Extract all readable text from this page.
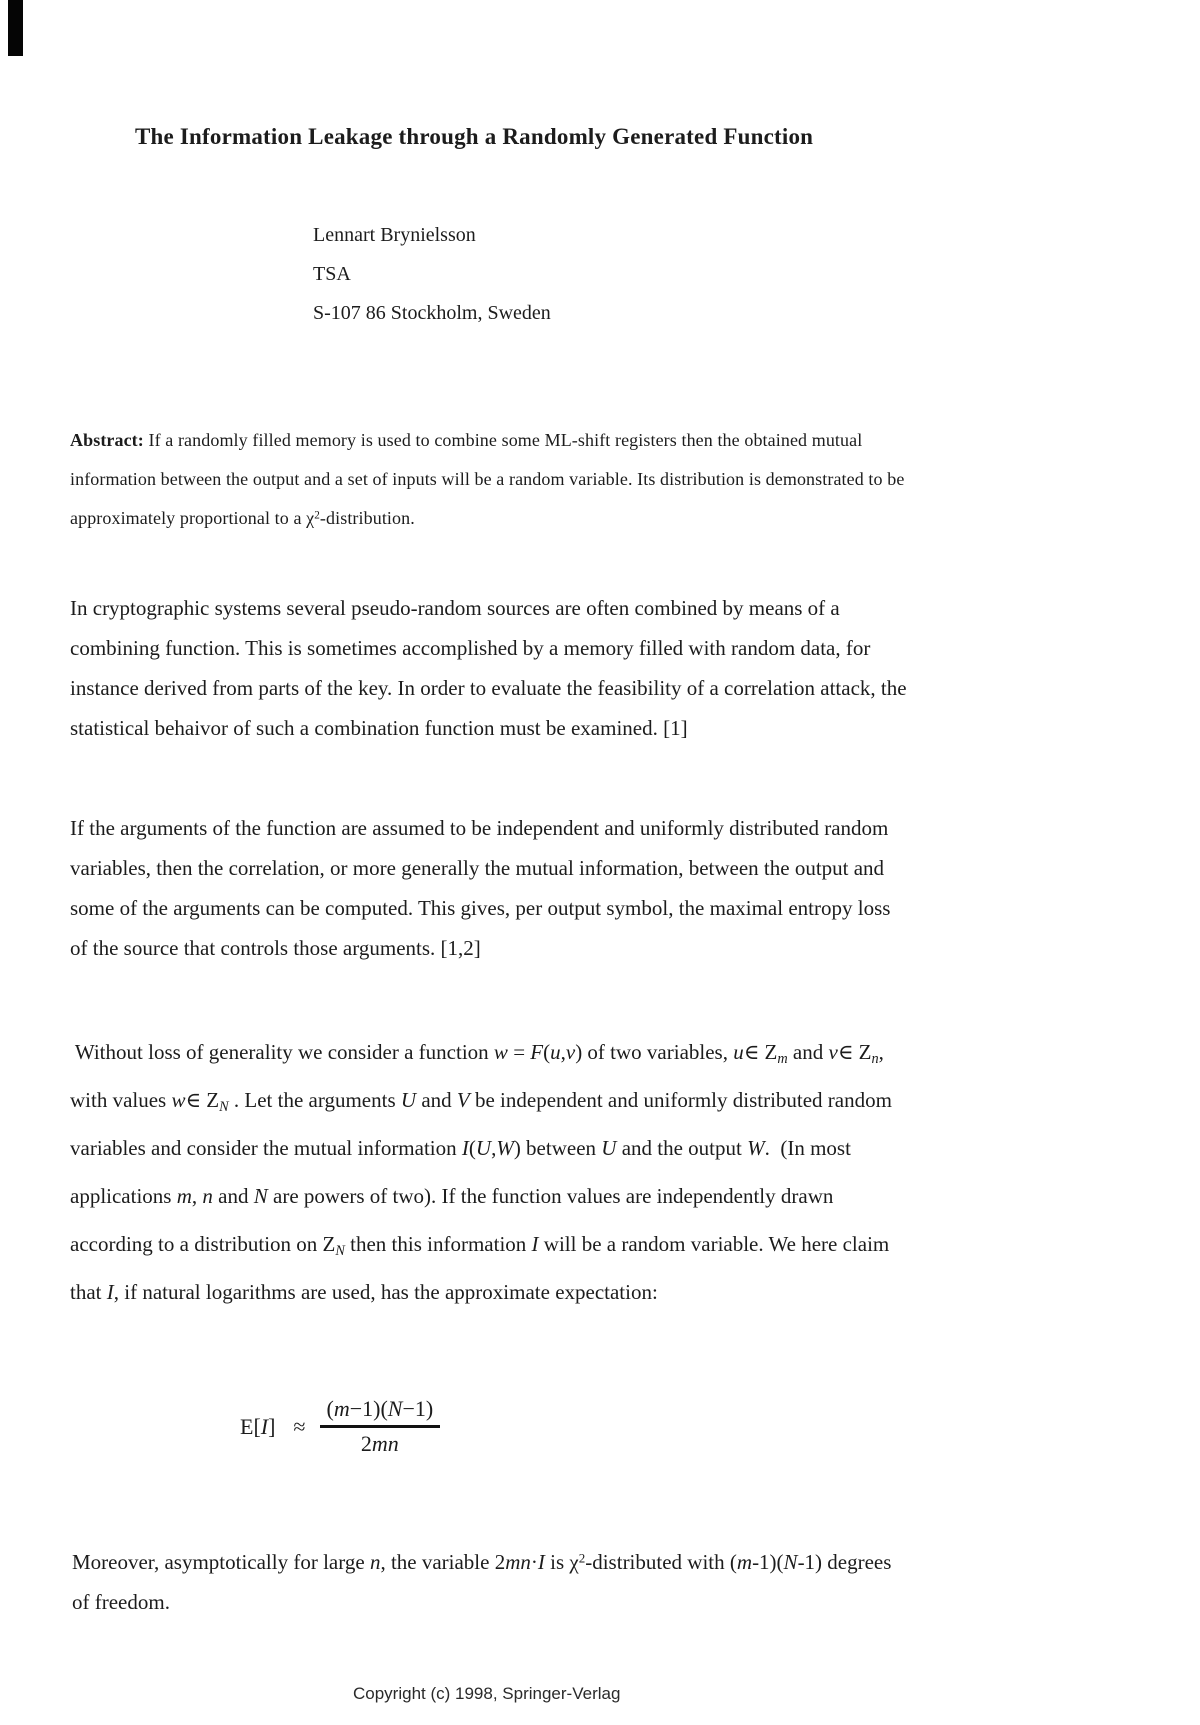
The Information Leakage through a Randomly Generated Function
Lennart Brynielsson
TSA
S-107 86 Stockholm, Sweden
Abstract: If a randomly filled memory is used to combine some ML-shift registers then the obtained mutual
information between the output and a set of inputs will be a random variable. Its distribution is demonstrated to be
approximately proportional to a $\chi^2$-distribution.
In cryptographic systems several pseudo-random sources are often combined by means of a
combining function. This is sometimes accomplished by a memory filled with random data, for
instance derived from parts of the key. In order to evaluate the feasibility of a correlation attack, the
statistical behaivor of such a combination function must be examined. [1]
If the arguments of the function are assumed to be independent and uniformly distributed random
variables, then the correlation, or more generally the mutual information, between the output and
some of the arguments can be computed. This gives, per output symbol, the maximal entropy loss
of the source that controls those arguments. [1,2]
Without loss of generality we consider a function w = F(u,v) of two variables, u∈ $Z_m$ and v∈ $Z_n$,
with values w∈ $Z_N$ . Let the arguments U and V be independent and uniformly distributed random
variables and consider the mutual information I(U,W) between U and the output W.  (In most
applications m, n and N are powers of two). If the function values are independently drawn
according to a distribution on $Z_N$ then this information I will be a random variable. We here claim
that I, if natural logarithms are used, has the approximate expectation:
$E[I] \approx \frac{(m-1)(N-1)}{2mn}$
Moreover, asymptotically for large n, the variable 2mn·I is $\chi^2$-distributed with (m-1)(N-1) degrees
of freedom.
Copyright (c) 1998, Springer-Verlag
